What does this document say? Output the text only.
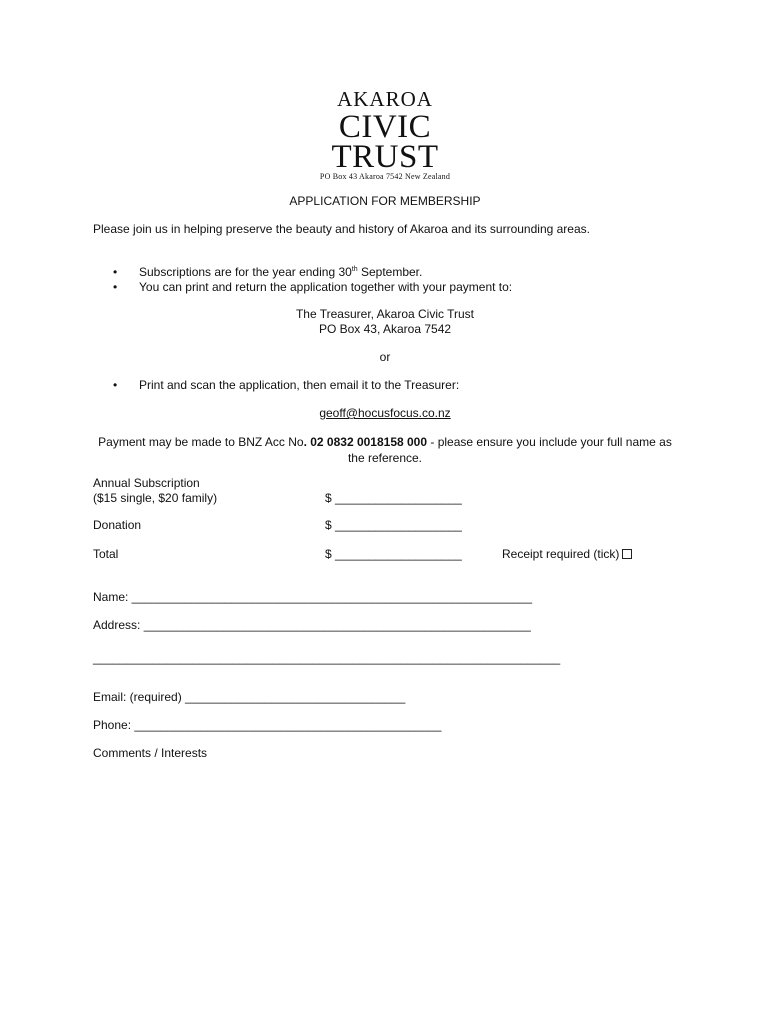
AKAROA
CIVIC
TRUST
PO Box 43 Akaroa 7542 New Zealand
APPLICATION FOR MEMBERSHIP
Please join us in helping preserve the beauty and history of Akaroa and its surrounding areas.
• Subscriptions are for the year ending 30th September.
• You can print and return the application together with your payment to:
The Treasurer, Akaroa Civic Trust
PO Box 43, Akaroa 7542
or
• Print and scan the application, then email it to the Treasurer:
geoff@hocusfocus.co.nz
Payment may be made to BNZ Acc No. 02 0832 0018158 000 - please ensure you include your full name as the reference.
Annual Subscription
($15 single, $20 family)	$ ___________________
Donation	$ ___________________
Total	$ ___________________	Receipt required (tick)
Name: ____________________________________________________________
Address: __________________________________________________________
______________________________________________________________________
Email: (required) _________________________________
Phone: ______________________________________________
Comments / Interests
